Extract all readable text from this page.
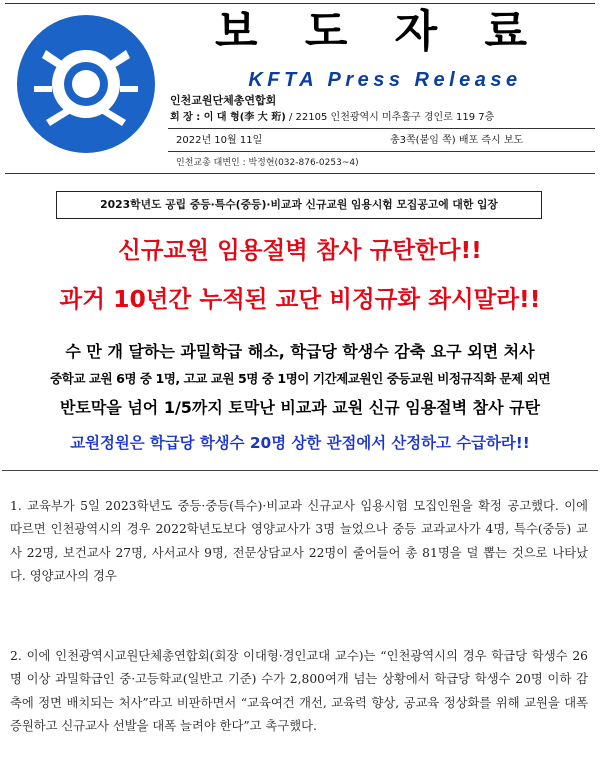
보 도 자 료
KFTA Press Release
인천교원단체총연합회
회 장 : 이 대 형(李 大 珩) / 22105 인천광역시 미추홀구 경인로 119 7층
2022년 10월 11일	총3쪽(붙임 쪽) 배포 즉시 보도
인천교총 대변인 : 박정현(032-876-0253~4)
2023학년도 공립 중등·특수(중등)·비교과 신규교원 임용시험 모집공고에 대한 입장
신규교원 임용절벽 참사 규탄한다!!
과거 10년간 누적된 교단 비정규화 좌시말라!!
수 만 개 달하는 과밀학급 해소, 학급당 학생수 감축 요구 외면 처사
중학교 교원 6명 중 1명, 고교 교원 5명 중 1명이 기간제교원인 중등교원 비정규직화 문제 외면
반토막을 넘어 1/5까지 토막난 비교과 교원 신규 임용절벽 참사 규탄
교원정원은 학급당 학생수 20명 상한 관점에서 산정하고 수급하라!!
1. 교육부가 5일 2023학년도 중등·중등(특수)·비교과 신규교사 임용시험 모집인원을 확정 공고했다. 이에 따르면 인천광역시의 경우 2022학년도보다 영양교사가 3명 늘었으나 중등 교과교사가 4명, 특수(중등) 교사 22명, 보건교사 27명, 사서교사 9명, 전문상담교사 22명이 줄어들어 총 81명을 덜 뽑는 것으로 나타났다. 영양교사의 경우
2. 이에 인천광역시교원단체총연합회(회장 이대형·경인교대 교수)는 “인천광역시의 경우 학급당 학생수 26명 이상 과밀학급인 중·고등학교(일반고 기준) 수가 2,800여개 넘는 상황에서 학급당 학생수 20명 이하 감축에 정면 배치되는 처사”라고 비판하면서 “교육여건 개선, 교육력 향상, 공교육 정상화를 위해 교원을 대폭 증원하고 신규교사 선발을 대폭 늘려야 한다”고 촉구했다.
